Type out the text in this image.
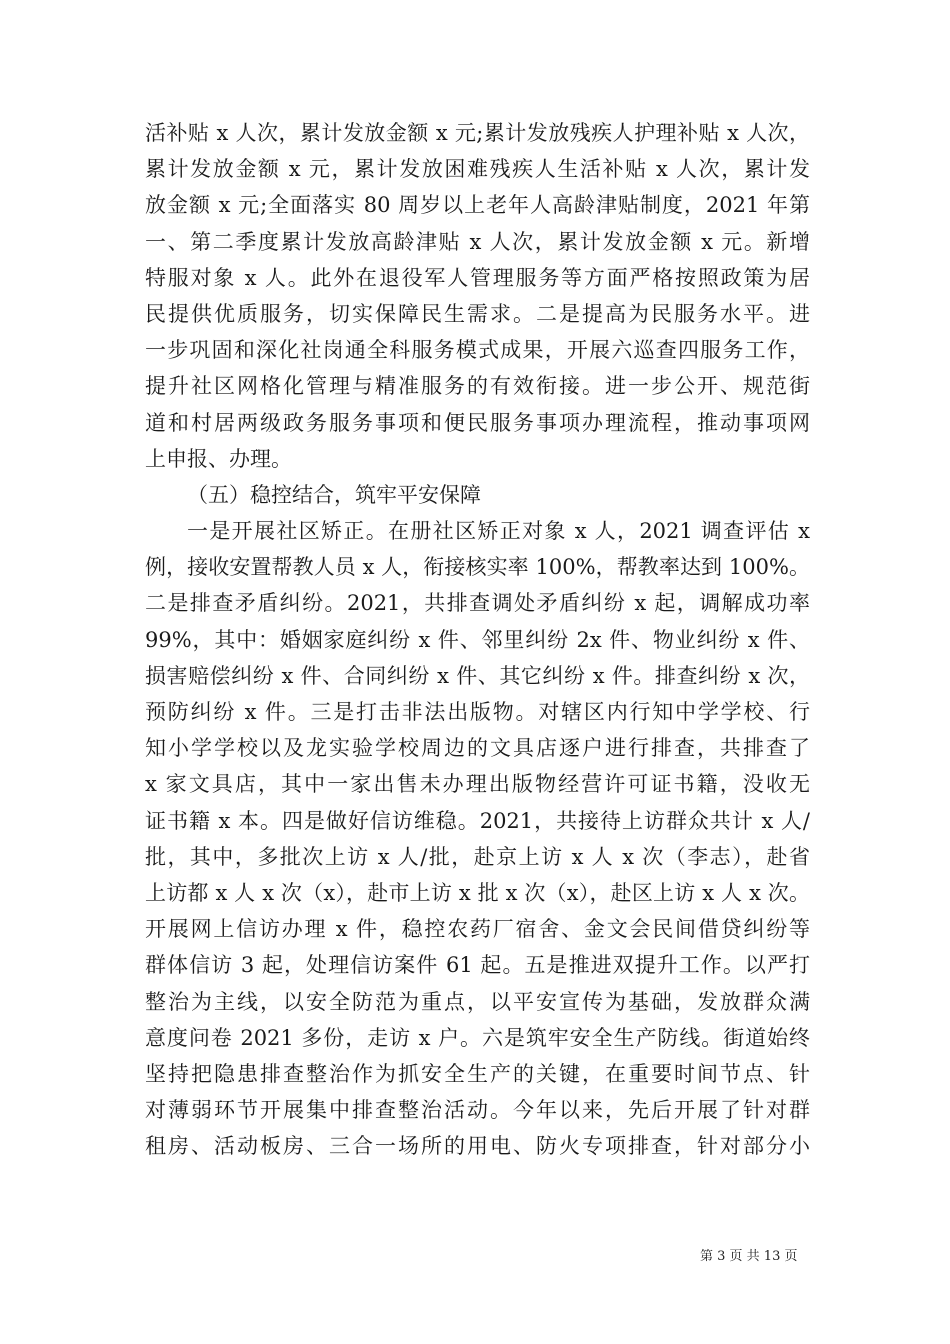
活补贴 x 人次，累计发放金额 x 元;累计发放残疾人护理补贴 x 人次，
累计发放金额 x 元，累计发放困难残疾人生活补贴 x 人次，累计发
放金额 x 元;全面落实 80 周岁以上老年人高龄津贴制度，2021 年第
一、第二季度累计发放高龄津贴 x 人次，累计发放金额 x 元。新增
特服对象 x 人。此外在退役军人管理服务等方面严格按照政策为居
民提供优质服务，切实保障民生需求。二是提高为民服务水平。进
一步巩固和深化社岗通全科服务模式成果，开展六巡查四服务工作，
提升社区网格化管理与精准服务的有效衔接。进一步公开、规范街
道和村居两级政务服务事项和便民服务事项办理流程，推动事项网
上申报、办理。
（五）稳控结合，筑牢平安保障
一是开展社区矫正。在册社区矫正对象 x 人，2021 调查评估 x
例，接收安置帮教人员 x 人，衔接核实率 100%，帮教率达到 100%。
二是排查矛盾纠纷。2021，共排查调处矛盾纠纷 x 起，调解成功率
99%，其中：婚姻家庭纠纷 x 件、邻里纠纷 2x 件、物业纠纷 x 件、
损害赔偿纠纷 x 件、合同纠纷 x 件、其它纠纷 x 件。排查纠纷 x 次，
预防纠纷 x 件。三是打击非法出版物。对辖区内行知中学学校、行
知小学学校以及龙实验学校周边的文具店逐户进行排查，共排查了
x 家文具店，其中一家出售未办理出版物经营许可证书籍，没收无
证书籍 x 本。四是做好信访维稳。2021，共接待上访群众共计 x 人/
批，其中，多批次上访 x 人/批，赴京上访 x 人 x 次（李志），赴省
上访都 x 人 x 次（x），赴市上访 x 批 x 次（x），赴区上访 x 人 x 次。
开展网上信访办理 x 件，稳控农药厂宿舍、金文会民间借贷纠纷等
群体信访 3 起，处理信访案件 61 起。五是推进双提升工作。以严打
整治为主线，以安全防范为重点，以平安宣传为基础，发放群众满
意度问卷 2021 多份，走访 x 户。六是筑牢安全生产防线。街道始终
坚持把隐患排查整治作为抓安全生产的关键，在重要时间节点、针
对薄弱环节开展集中排查整治活动。今年以来，先后开展了针对群
租房、活动板房、三合一场所的用电、防火专项排查，针对部分小
第 3 页 共 13 页
